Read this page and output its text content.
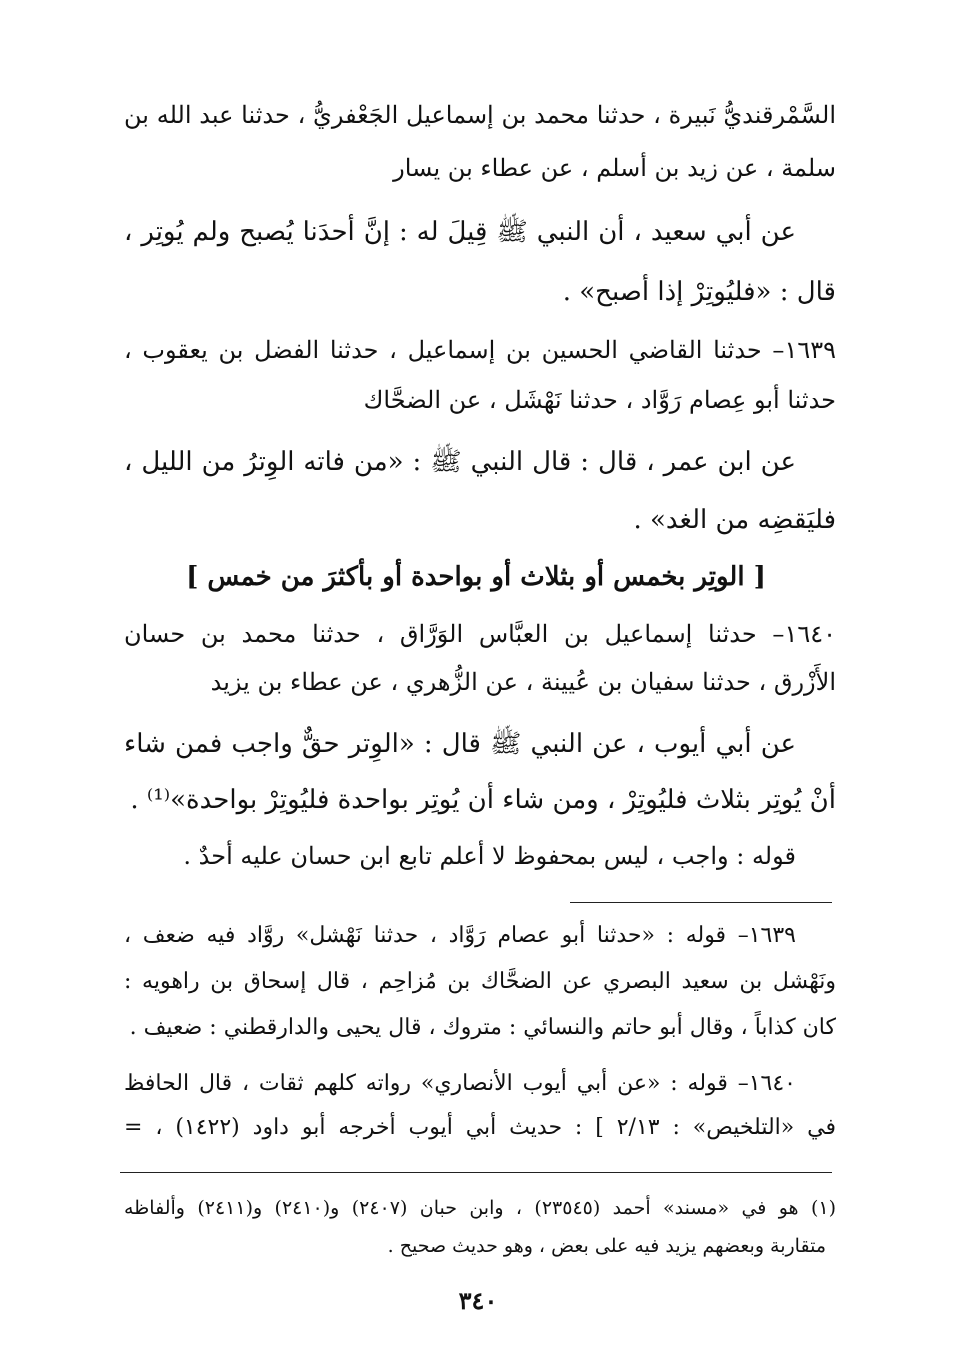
السَّمْرقنديُّ نَبيرة ، حدثنا محمد بن إسماعيل الجَعْفريُّ ، حدثنا عبد الله بن
سلمة ، عن زيد بن أسلم ، عن عطاء بن يسار
عن أبي سعيد ، أن النبي ﷺ قِيلَ له : إنَّ أحدَنا يُصبح ولم يُوتِر ،
قال : «فليُوتِرْ إذا أصبح» .
١٦٣٩– حدثنا القاضي الحسين بن إسماعيل ، حدثنا الفضل بن يعقوب ،
حدثنا أبو عِصام رَوَّاد ، حدثنا نَهْشَل ، عن الضحَّاك
عن ابن عمر ، قال : قال النبي ﷺ : «من فاته الوِترُ من الليل ،
فليَقضِه من الغد» .
[ الوتِر بخمس أو بثلاث أو بواحدة أو بأكثرَ من خمس ]
١٦٤٠– حدثنا إسماعيل بن العبَّاس الوَرَّاق ، حدثنا محمد بن حسان
الأَزْرق ، حدثنا سفيان بن عُيينة ، عن الزُّهري ، عن عطاء بن يزيد
عن أبي أيوب ، عن النبي ﷺ قال : «الوِتر حقٌّ واجب فمن شاء
أنْ يُوتِر بثلاث فليُوتِرْ ، ومن شاء أن يُوتِر بواحدة فليُوتِرْ بواحدة»⁽¹⁾ .
قوله : واجب ، ليس بمحفوظ لا أعلم تابع ابن حسان عليه أحدٌ .
١٦٣٩– قوله : «حدثنا أبو عصام رَوَّاد ، حدثنا نَهْشل» روَّاد فيه ضعف ،
ونَهْشل بن سعيد البصري عن الضحَّاك بن مُزاحِم ، قال إسحاق بن راهويه :
كان كذاباً ، وقال أبو حاتم والنسائي : متروك ، قال يحيى والدارقطني : ضعيف .
١٦٤٠– قوله : «عن أبي أيوب الأنصاري» رواته كلهم ثقات ، قال الحافظ
في «التلخيص» : ٢/١٣ ] : حديث أبي أيوب أخرجه أبو داود (١٤٢٢) ، =
(١) هو في «مسند» أحمد (٢٣٥٤٥) ، وابن حبان (٢٤٠٧) و(٢٤١٠) و(٢٤١١) وألفاظه
متقاربة وبعضهم يزيد فيه على بعض ، وهو حديث صحيح .
٣٤٠
